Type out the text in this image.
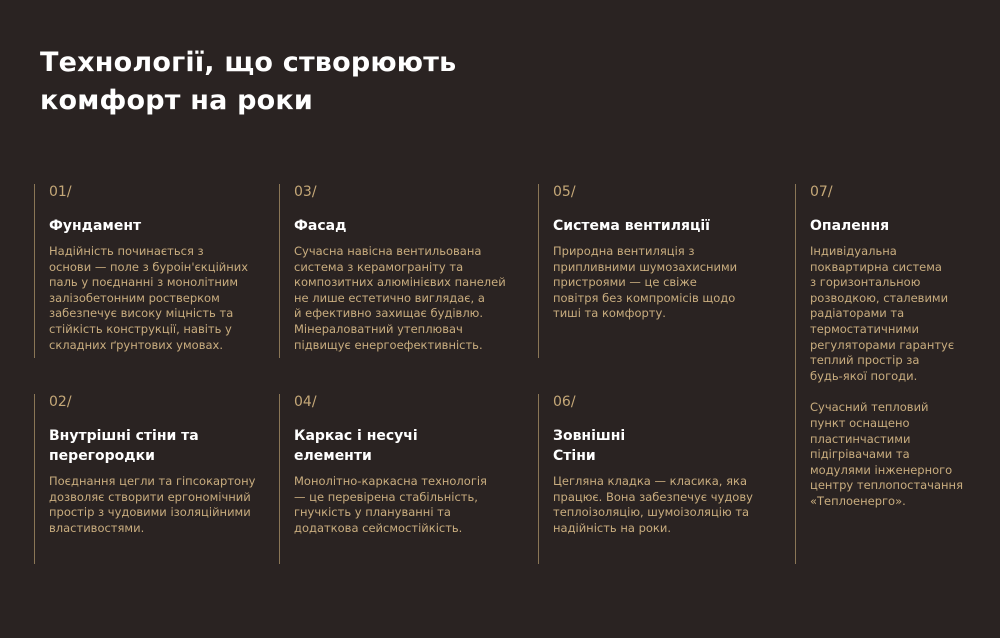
Технології, що створюють
комфорт на роки
01/
Фундамент
Надійність починається з
основи — поле з буроін'єкційних
паль у поєднанні з монолітним
залізобетонним ростверком
забезпечує високу міцність та
стійкість конструкції, навіть у
складних ґрунтових умовах.
02/
Внутрішні стіни та
перегородки
Поєднання цегли та гіпсокартону
дозволяє створити ергономічний
простір з чудовими ізоляційними
властивостями.
03/
Фасад
Сучасна навісна вентильована
система з керамограніту та
композитних алюмінієвих панелей
не лише естетично виглядає, а
й ефективно захищає будівлю.
Мінераловатний утеплювач
підвищує енергоефективність.
04/
Каркас і несучі
елементи
Монолітно-каркасна технологія
— це перевірена стабільність,
гнучкість у плануванні та
додаткова сейсмостійкість.
05/
Система вентиляції
Природна вентиляція з
припливними шумозахисними
пристроями — це свіже
повітря без компромісів щодо
тиші та комфорту.
06/
Зовнішні
Стіни
Цегляна кладка — класика, яка
працює. Вона забезпечує чудову
теплоізоляцію, шумоізоляцію та
надійність на роки.
07/
Опалення
Індивідуальна
поквартирна система
з горизонтальною
розводкою, сталевими
радіаторами та
термостатичними
регуляторами гарантує
теплий простір за
будь-якої погоди.
Сучасний тепловий
пункт оснащено
пластинчастими
підігрівачами та
модулями інженерного
центру теплопостачання
«Теплоенерго».
